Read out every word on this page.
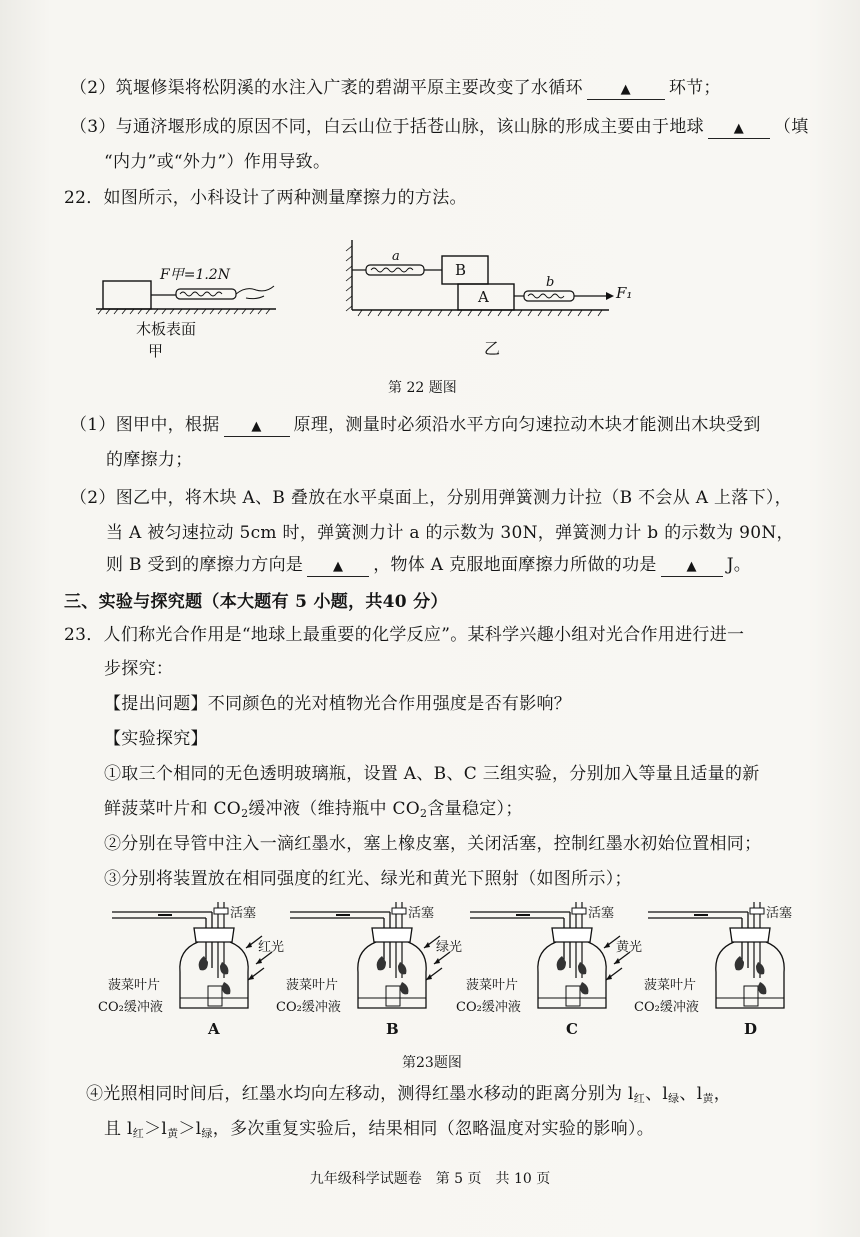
（2）筑堰修渠将松阴溪的水注入广袤的碧湖平原主要改变了水循环	▲ 环节；
（3）与通济堰形成的原因不同，白云山位于括苍山脉，该山脉的形成主要由于地球 ▲ （填
“内力”或“外力”）作用导致。
22．如图所示，小科设计了两种测量摩擦力的方法。
F甲=1.2N
木板表面
甲
a
B
A
b
F₁
乙
第 22 题图
（1）图甲中，根据 ▲ 原理，测量时必须沿水平方向匀速拉动木块才能测出木块受到
的摩擦力；
（2）图乙中，将木块 A、B 叠放在水平桌面上，分别用弹簧测力计拉（B 不会从 A 上落下），
当 A 被匀速拉动 5cm 时，弹簧测力计 a 的示数为 30N，弹簧测力计 b 的示数为 90N，
则 B 受到的摩擦力方向是 ▲ ，物体 A 克服地面摩擦力所做的功是 ▲ J。
三、实验与探究题（本大题有 5 小题，共40 分）
23．人们称光合作用是“地球上最重要的化学反应”。某科学兴趣小组对光合作用进行进一
步探究：
【提出问题】不同颜色的光对植物光合作用强度是否有影响？
【实验探究】
①取三个相同的无色透明玻璃瓶，设置 A、B、C 三组实验，分别加入等量且适量的新
鲜菠菜叶片和 $CO_2$缓冲液（维持瓶中 $CO_2$含量稳定）；
②分别在导管中注入一滴红墨水，塞上橡皮塞，关闭活塞，控制红墨水初始位置相同；
③分别将装置放在相同强度的红光、绿光和黄光下照射（如图所示）；
活塞
菠菜叶片
CO₂缓冲液
A
红光
活塞
菠菜叶片
CO₂缓冲液
B
绿光
活塞
菠菜叶片
CO₂缓冲液
C
黄光
活塞
菠菜叶片
CO₂缓冲液
D
第23题图
④光照相同时间后，红墨水均向左移动，测得红墨水移动的距离分别为 $l_红$、$l_绿$、$l_黄$，
且 $l_红>l_黄>l_绿$，多次重复实验后，结果相同（忽略温度对实验的影响）。
九年级科学试题卷　第 5 页　共 10 页
